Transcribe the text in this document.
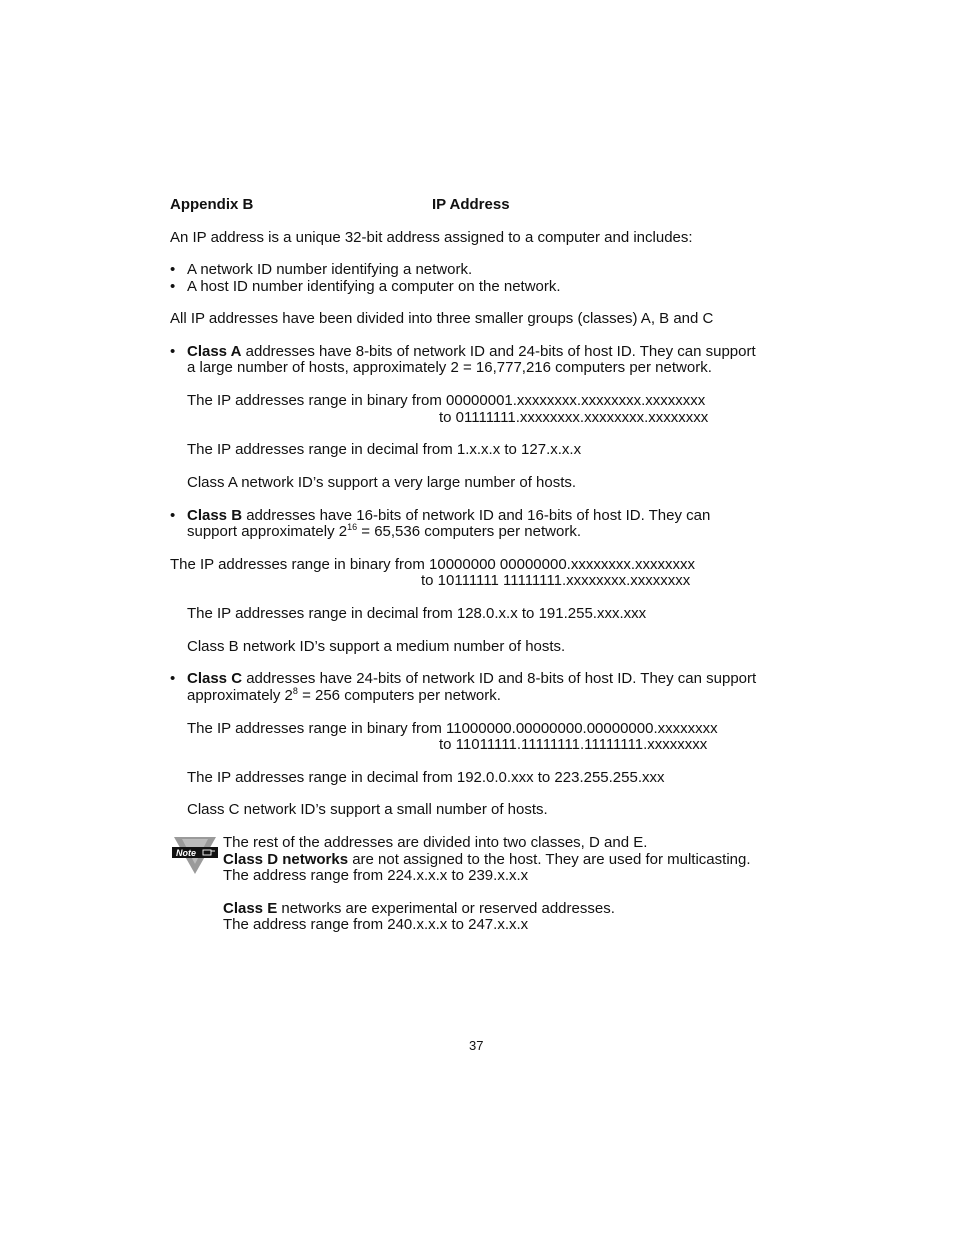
Appendix B	IP Address
An IP address is a unique 32-bit address assigned to a computer and includes:
• A network ID number identifying a network.
• A host ID number identifying a computer on the network.
All IP addresses have been divided into three smaller groups (classes) A, B and C
• Class A addresses have 8-bits of network ID and 24-bits of host ID. They can support
a large number of hosts, approximately 2 = 16,777,216 computers per network.
The IP addresses range in binary from 00000001.xxxxxxxx.xxxxxxxx.xxxxxxxx
to 01111111.xxxxxxxx.xxxxxxxx.xxxxxxxx
The IP addresses range in decimal from 1.x.x.x to 127.x.x.x
Class A network ID’s support a very large number of hosts.
• Class B addresses have 16-bits of network ID and 16-bits of host ID. They can
support approximately $2^{16} = 65,536$ computers per network.
The IP addresses range in binary from 10000000 00000000.xxxxxxxx.xxxxxxxx
to 10111111 11111111.xxxxxxxx.xxxxxxxx
The IP addresses range in decimal from 128.0.x.x to 191.255.xxx.xxx
Class B network ID’s support a medium number of hosts.
• Class C addresses have 24-bits of network ID and 8-bits of host ID. They can support
approximately $2^8 = 256$ computers per network.
The IP addresses range in binary from 11000000.00000000.00000000.xxxxxxxx
to 11011111.11111111.11111111.xxxxxxxx
The IP addresses range in decimal from 192.0.0.xxx to 223.255.255.xxx
Class C network ID’s support a small number of hosts.
Note
The rest of the addresses are divided into two classes, D and E.
Class D networks are not assigned to the host. They are used for multicasting.
The address range from 224.x.x.x to 239.x.x.x
Class E networks are experimental or reserved addresses.
The address range from 240.x.x.x to 247.x.x.x
37
